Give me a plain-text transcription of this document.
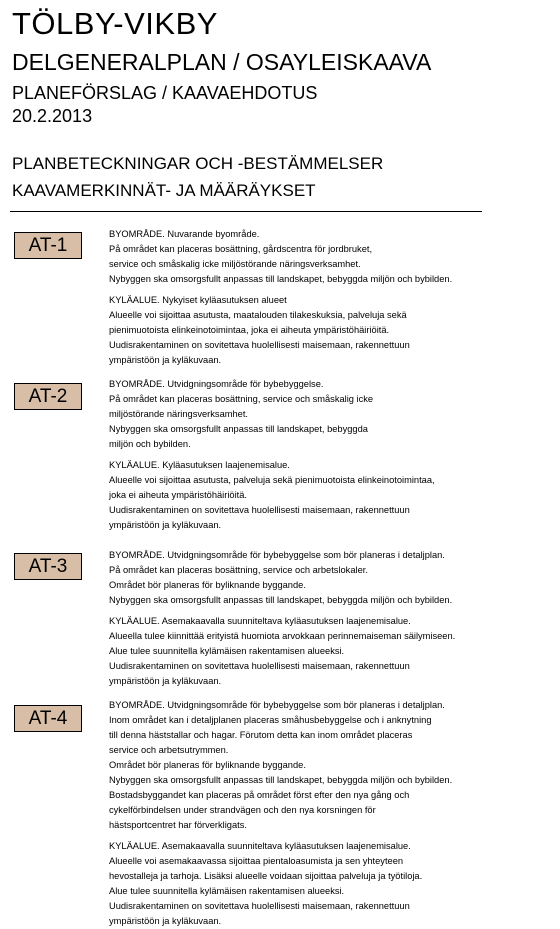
TÖLBY-VIKBY
DELGENERALPLAN / OSAYLEISKAAVA
PLANEFÖRSLAG / KAAVAEHDOTUS
20.2.2013
PLANBETECKNINGAR OCH -BESTÄMMELSER
KAAVAMERKINNÄT- JA MÄÄRÄYKSET
AT-1
BYOMRÅDE. Nuvarande byområde.
På området kan placeras bosättning, gårdscentra för jordbruket,
service och småskalig icke miljöstörande näringsverksamhet.
Nybyggen ska omsorgsfullt anpassas till landskapet, bebyggda miljön och bybilden.
KYLÄALUE. Nykyiset kyläasutuksen alueet
Alueelle voi sijoittaa asutusta, maatalouden tilakeskuksia, palveluja sekä
pienimuotoista elinkeinotoimintaa, joka ei aiheuta ympäristöhäiriöitä.
Uudisrakentaminen on sovitettava huolellisesti maisemaan, rakennettuun
ympäristöön ja kyläkuvaan.
AT-2
BYOMRÅDE. Utvidgningsområde för bybebyggelse.
På området kan placeras bosättning, service och småskalig icke
miljöstörande näringsverksamhet.
Nybyggen ska omsorgsfullt anpassas till landskapet, bebyggda
miljön och bybilden.
KYLÄALUE. Kyläasutuksen laajenemisalue.
Alueelle voi sijoittaa asutusta, palveluja sekä pienimuotoista elinkeinotoimintaa,
joka ei aiheuta ympäristöhäiriöitä.
Uudisrakentaminen on sovitettava huolellisesti maisemaan, rakennettuun
ympäristöön ja kyläkuvaan.
AT-3
BYOMRÅDE. Utvidgningsområde för bybebyggelse som bör planeras i detaljplan.
På området kan placeras bosättning, service och arbetslokaler.
Området bör planeras för byliknande byggande.
Nybyggen ska omsorgsfullt anpassas till landskapet, bebyggda miljön och bybilden.
KYLÄALUE. Asemakaavalla suunniteltava kyläasutuksen laajenemisalue.
Alueella tulee kiinnittää erityistä huomiota arvokkaan perinnemaiseman säilymiseen.
Alue tulee suunnitella kylämäisen rakentamisen alueeksi.
Uudisrakentaminen on sovitettava huolellisesti maisemaan, rakennettuun
ympäristöön ja kyläkuvaan.
AT-4
BYOMRÅDE. Utvidgningsområde för bybebyggelse som bör planeras i detaljplan.
Inom området kan i detaljplanen placeras småhusbebyggelse och i anknytning
till denna häststallar och hagar. Förutom detta kan inom området placeras
service och arbetsutrymmen.
Området bör planeras för byliknande byggande.
Nybyggen ska omsorgsfullt anpassas till landskapet, bebyggda miljön och bybilden.
Bostadsbyggandet kan placeras på området först efter den nya gång och
cykelförbindelsen under strandvägen och den nya korsningen för
hästsportcentret har förverkligats.
KYLÄALUE. Asemakaavalla suunniteltava kyläasutuksen laajenemisalue.
Alueelle voi asemakaavassa sijoittaa pientaloasumista ja sen yhteyteen
hevostalleja ja tarhoja. Lisäksi alueelle voidaan sijoittaa palveluja ja työtiloja.
Alue tulee suunnitella kylämäisen rakentamisen alueeksi.
Uudisrakentaminen on sovitettava huolellisesti maisemaan, rakennettuun
ympäristöön ja kyläkuvaan.
